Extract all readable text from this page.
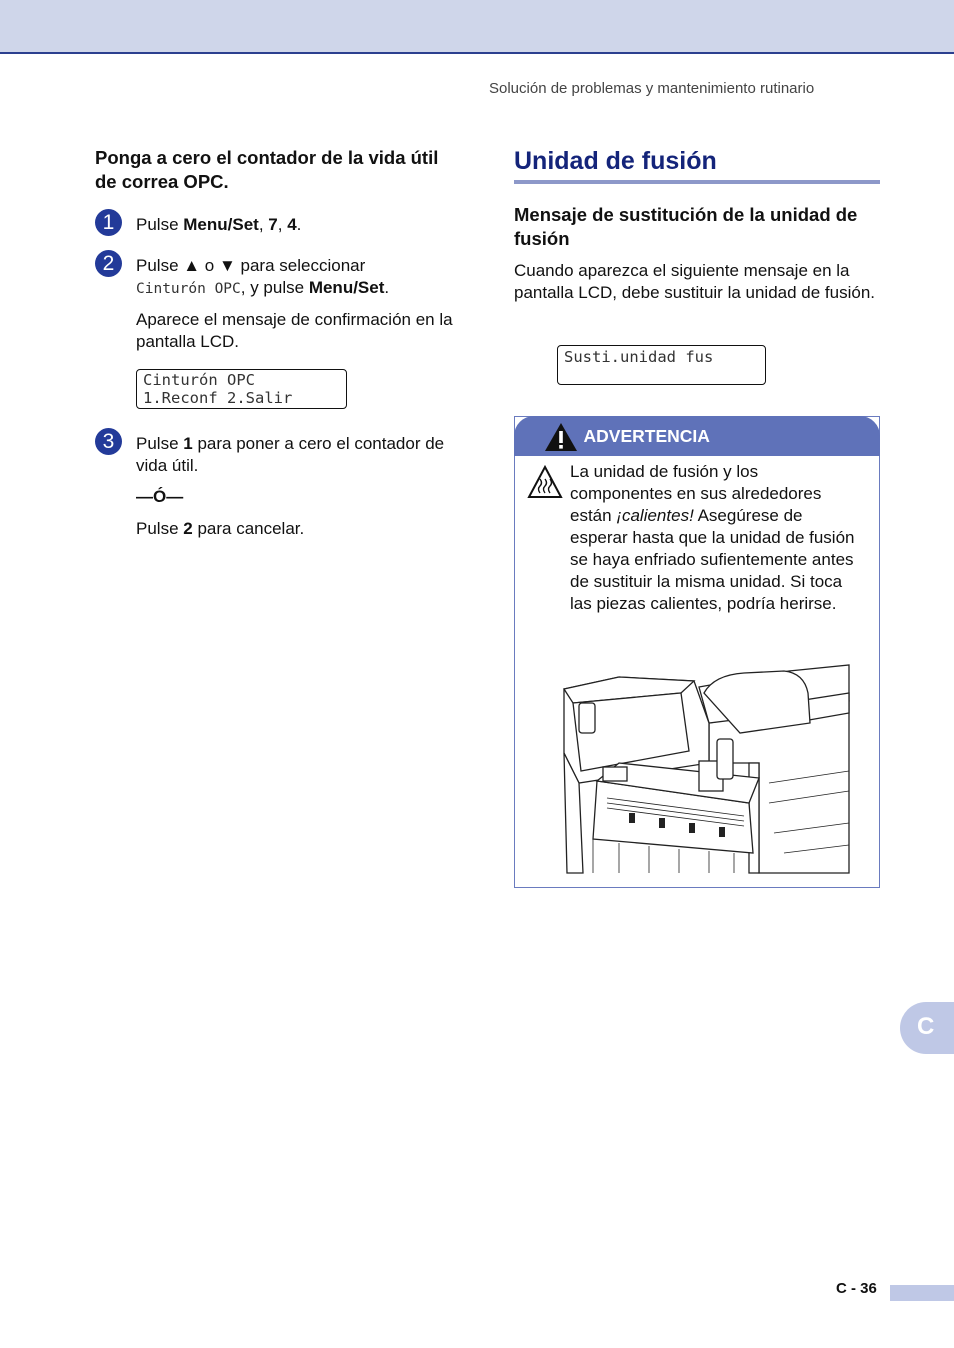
Solución de problemas y mantenimiento rutinario

Ponga a cero el contador de la vida útil de correa OPC.

1	Pulse Menu/Set, 7, 4.

2	Pulse ▲ o ▼ para seleccionar
Cinturón OPC, y pulse Menu/Set.

Aparece el mensaje de confirmación en la pantalla LCD.

Cinturón OPC
1.Reconf 2.Salir
3	Pulse 1 para poner a cero el contador de vida útil.

—Ó—

Pulse 2 para cancelar.

Unidad de fusión

Mensaje de sustitución de la unidad de fusión

Cuando aparezca el siguiente mensaje en la pantalla LCD, debe sustituir la unidad de fusión.

Susti.unidad fus
ADVERTENCIA
La unidad de fusión y los componentes en sus alrededores están ¡calientes! Asegúrese de esperar hasta que la unidad de fusión se haya enfriado sufientemente antes de sustituir la misma unidad. Si toca las piezas calientes, podría herirse.
C
C - 36
